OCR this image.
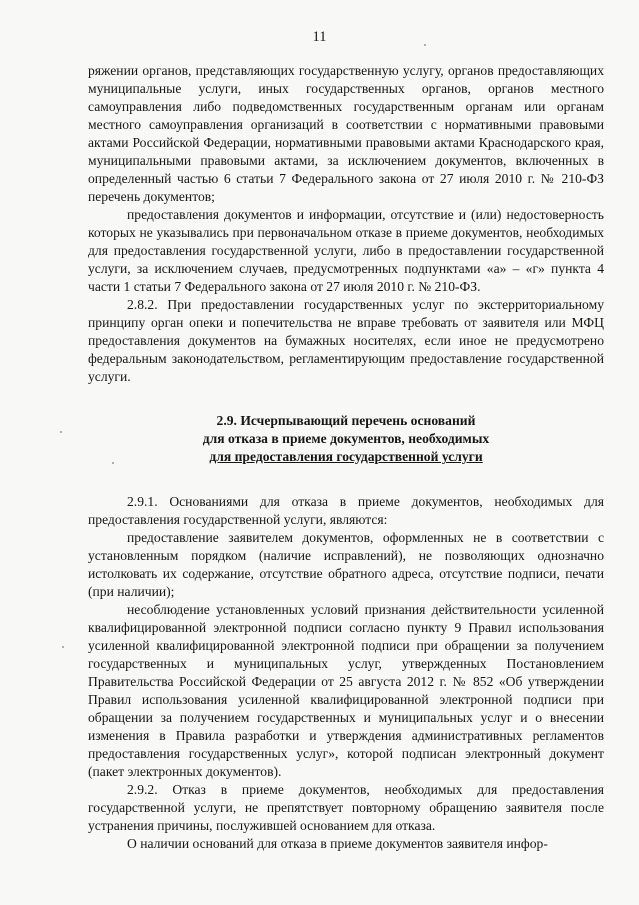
11

ряжении органов, представляющих государственную услугу, органов предоставляющих муниципальные услуги, иных государственных органов, органов местного самоуправления либо подведомственных государственным органам или органам местного самоуправления организаций в соответствии с нормативными правовыми актами Российской Федерации, нормативными правовыми актами Краснодарского края, муниципальными правовыми актами, за исключением документов, включенных в определенный частью 6 статьи 7 Федерального закона от 27 июля 2010 г. № 210-ФЗ перечень документов;

предоставления документов и информации, отсутствие и (или) недостоверность которых не указывались при первоначальном отказе в приеме документов, необходимых для предоставления государственной услуги, либо в предоставлении государственной услуги, за исключением случаев, предусмотренных подпунктами «а» – «г» пункта 4 части 1 статьи 7 Федерального закона от 27 июля 2010 г. № 210-ФЗ.

2.8.2. При предоставлении государственных услуг по экстерриториальному принципу орган опеки и попечительства не вправе требовать от заявителя или МФЦ предоставления документов на бумажных носителях, если иное не предусмотрено федеральным законодательством, регламентирующим предоставление государственной услуги.

2.9. Исчерпывающий перечень оснований
для отказа в приеме документов, необходимых
для предоставления государственной услуги

2.9.1. Основаниями для отказа в приеме документов, необходимых для предоставления государственной услуги, являются:

предоставление заявителем документов, оформленных не в соответствии с установленным порядком (наличие исправлений), не позволяющих однозначно истолковать их содержание, отсутствие обратного адреса, отсутствие подписи, печати (при наличии);

несоблюдение установленных условий признания действительности усиленной квалифицированной электронной подписи согласно пункту 9 Правил использования усиленной квалифицированной электронной подписи при обращении за получением государственных и муниципальных услуг, утвержденных Постановлением Правительства Российской Федерации от 25 августа 2012 г. № 852 «Об утверждении Правил использования усиленной квалифицированной электронной подписи при обращении за получением государственных и муниципальных услуг и о внесении изменения в Правила разработки и утверждения административных регламентов предоставления государственных услуг», которой подписан электронный документ (пакет электронных документов).

2.9.2. Отказ в приеме документов, необходимых для предоставления государственной услуги, не препятствует повторному обращению заявителя после устранения причины, послужившей основанием для отказа.

О наличии оснований для отказа в приеме документов заявителя инфор-
